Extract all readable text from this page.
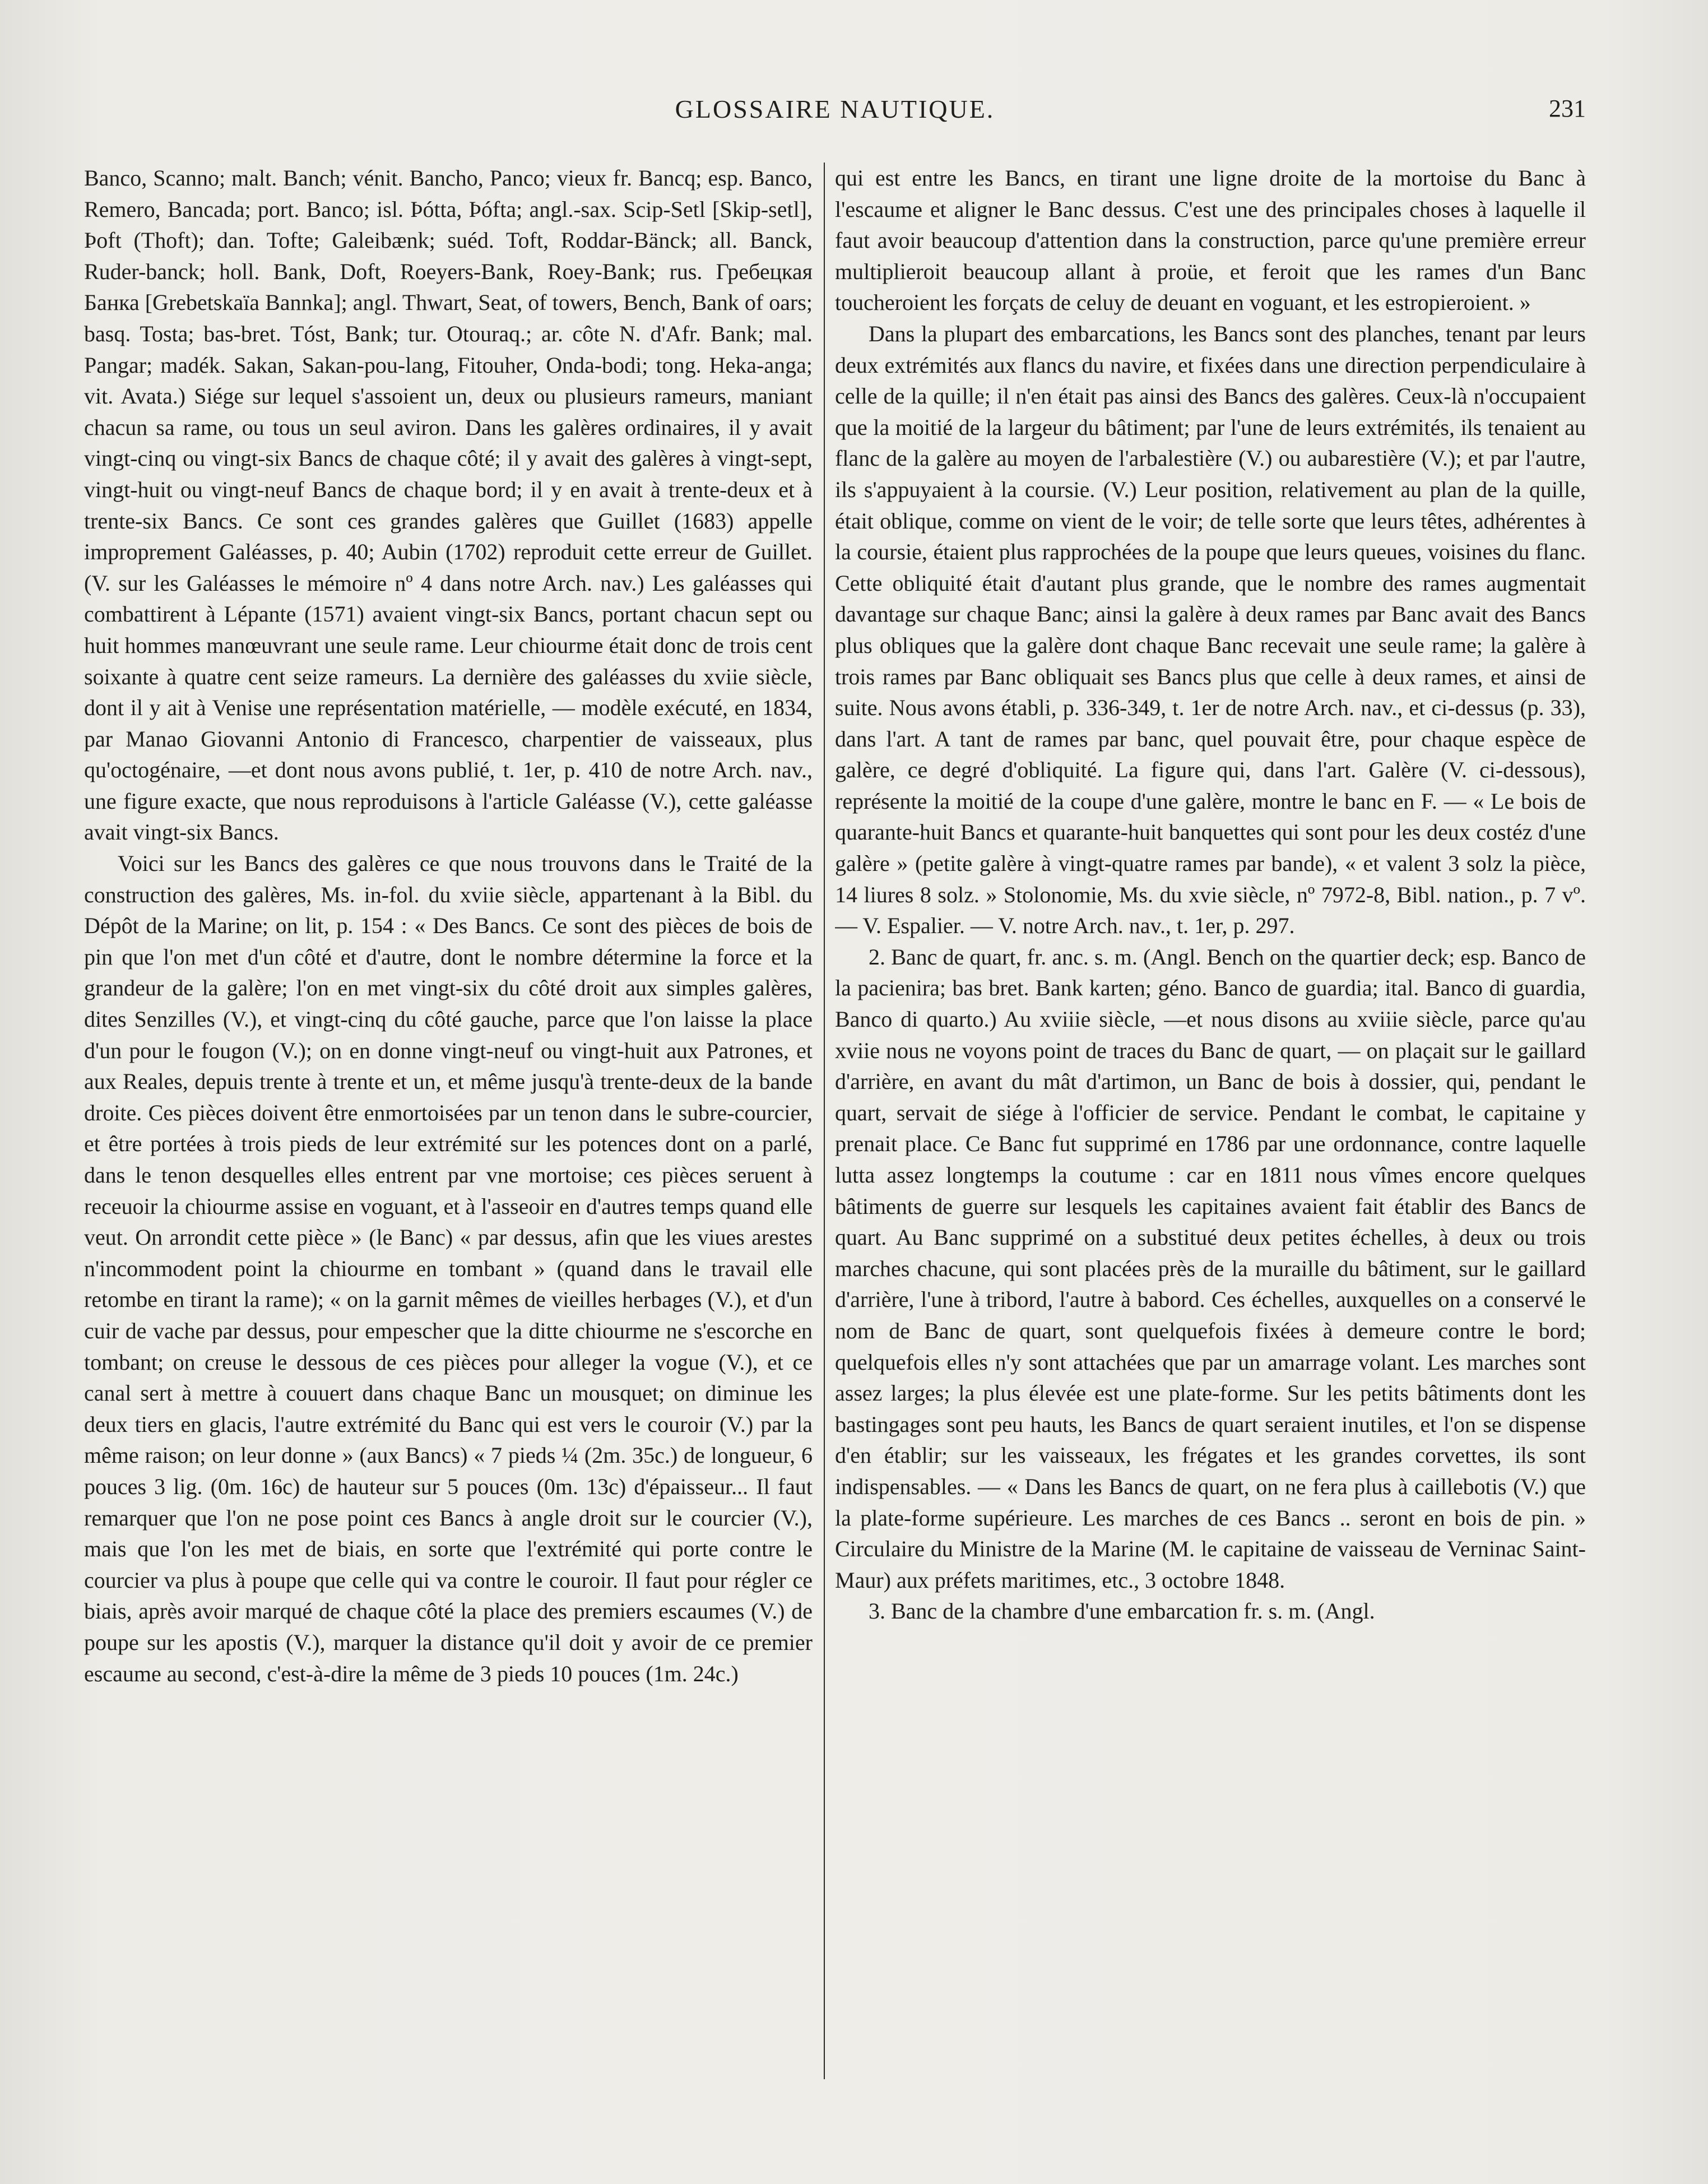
GLOSSAIRE NAUTIQUE.	231

Banco, Scanno; malt. Banch; vénit. Bancho, Panco; vieux fr. Bancq; esp. Banco, Remero, Bancada; port. Banco; isl. Þótta, Þófta; angl.-sax. Scip-Setl [Skip-setl], Þoft (Thoft); dan. Tofte; Galeibænk; suéd. Toft, Roddar-Bänck; all. Banck, Ruder-banck; holl. Bank, Doft, Roeyers-Bank, Roey-Bank; rus. Гребецкая Банка [Grebetskaïa Bannka]; angl. Thwart, Seat, of towers, Bench, Bank of oars; basq. Tosta; bas-bret. Tóst, Bank; tur. Otouraq.; ar. côte N. d'Afr. Bank; mal. Pangar; madék. Sakan, Sakan-pou-lang, Fitouher, Onda-bodi; tong. Heka-anga; vit. Avata.) Siége sur lequel s'assoient un, deux ou plusieurs rameurs, maniant chacun sa rame, ou tous un seul aviron. Dans les galères ordinaires, il y avait vingt-cinq ou vingt-six Bancs de chaque côté; il y avait des galères à vingt-sept, vingt-huit ou vingt-neuf Bancs de chaque bord; il y en avait à trente-deux et à trente-six Bancs. Ce sont ces grandes galères que Guillet (1683) appelle improprement Galéasses, p. 40; Aubin (1702) reproduit cette erreur de Guillet. (V. sur les Galéasses le mémoire nº 4 dans notre Arch. nav.) Les galéasses qui combattirent à Lépante (1571) avaient vingt-six Bancs, portant chacun sept ou huit hommes manœuvrant une seule rame. Leur chiourme était donc de trois cent soixante à quatre cent seize rameurs. La dernière des galéasses du xviie siècle, dont il y ait à Venise une représentation matérielle, — modèle exécuté, en 1834, par Manao Giovanni Antonio di Francesco, charpentier de vaisseaux, plus qu'octogénaire, —et dont nous avons publié, t. 1er, p. 410 de notre Arch. nav., une figure exacte, que nous reproduisons à l'article Galéasse (V.), cette galéasse avait vingt-six Bancs.

Voici sur les Bancs des galères ce que nous trouvons dans le Traité de la construction des galères, Ms. in-fol. du xviie siècle, appartenant à la Bibl. du Dépôt de la Marine; on lit, p. 154 : « Des Bancs. Ce sont des pièces de bois de pin que l'on met d'un côté et d'autre, dont le nombre détermine la force et la grandeur de la galère; l'on en met vingt-six du côté droit aux simples galères, dites Senzilles (V.), et vingt-cinq du côté gauche, parce que l'on laisse la place d'un pour le fougon (V.); on en donne vingt-neuf ou vingt-huit aux Patrones, et aux Reales, depuis trente à trente et un, et même jusqu'à trente-deux de la bande droite. Ces pièces doivent être enmortoisées par un tenon dans le subre-courcier, et être portées à trois pieds de leur extrémité sur les potences dont on a parlé, dans le tenon desquelles elles entrent par vne mortoise; ces pièces seruent à receuoir la chiourme assise en voguant, et à l'asseoir en d'autres temps quand elle veut. On arrondit cette pièce » (le Banc) « par dessus, afin que les viues arestes n'incommodent point la chiourme en tombant » (quand dans le travail elle retombe en tirant la rame); « on la garnit mêmes de vieilles herbages (V.), et d'un cuir de vache par dessus, pour empescher que la ditte chiourme ne s'escorche en tombant; on creuse le dessous de ces pièces pour alleger la vogue (V.), et ce canal sert à mettre à couuert dans chaque Banc un mousquet; on diminue les deux tiers en glacis, l'autre extrémité du Banc qui est vers le couroir (V.) par la même raison; on leur donne » (aux Bancs) « 7 pieds ¼ (2m. 35c.) de longueur, 6 pouces 3 lig. (0m. 16c) de hauteur sur 5 pouces (0m. 13c) d'épaisseur... Il faut remarquer que l'on ne pose point ces Bancs à angle droit sur le courcier (V.), mais que l'on les met de biais, en sorte que l'extrémité qui porte contre le courcier va plus à poupe que celle qui va contre le couroir. Il faut pour régler ce biais, après avoir marqué de chaque côté la place des premiers escaumes (V.) de poupe sur les apostis (V.), marquer la distance qu'il doit y avoir de ce premier escaume au second, c'est-à-dire la même de 3 pieds 10 pouces (1m. 24c.)

qui est entre les Bancs, en tirant une ligne droite de la mortoise du Banc à l'escaume et aligner le Banc dessus. C'est une des principales choses à laquelle il faut avoir beaucoup d'attention dans la construction, parce qu'une première erreur multiplieroit beaucoup allant à proüe, et feroit que les rames d'un Banc toucheroient les forçats de celuy de deuant en voguant, et les estropieroient. »

Dans la plupart des embarcations, les Bancs sont des planches, tenant par leurs deux extrémités aux flancs du navire, et fixées dans une direction perpendiculaire à celle de la quille; il n'en était pas ainsi des Bancs des galères. Ceux-là n'occupaient que la moitié de la largeur du bâtiment; par l'une de leurs extrémités, ils tenaient au flanc de la galère au moyen de l'arbalestière (V.) ou aubarestière (V.); et par l'autre, ils s'appuyaient à la coursie. (V.) Leur position, relativement au plan de la quille, était oblique, comme on vient de le voir; de telle sorte que leurs têtes, adhérentes à la coursie, étaient plus rapprochées de la poupe que leurs queues, voisines du flanc. Cette obliquité était d'autant plus grande, que le nombre des rames augmentait davantage sur chaque Banc; ainsi la galère à deux rames par Banc avait des Bancs plus obliques que la galère dont chaque Banc recevait une seule rame; la galère à trois rames par Banc obliquait ses Bancs plus que celle à deux rames, et ainsi de suite. Nous avons établi, p. 336-349, t. 1er de notre Arch. nav., et ci-dessus (p. 33), dans l'art. A tant de rames par banc, quel pouvait être, pour chaque espèce de galère, ce degré d'obliquité. La figure qui, dans l'art. Galère (V. ci-dessous), représente la moitié de la coupe d'une galère, montre le banc en F. — « Le bois de quarante-huit Bancs et quarante-huit banquettes qui sont pour les deux costéz d'une galère » (petite galère à vingt-quatre rames par bande), « et valent 3 solz la pièce, 14 liures 8 solz. » Stolonomie, Ms. du xvie siècle, nº 7972-8, Bibl. nation., p. 7 vº. — V. Espalier. — V. notre Arch. nav., t. 1er, p. 297.

2. Banc de quart, fr. anc. s. m. (Angl. Bench on the quartier deck; esp. Banco de la pacienira; bas bret. Bank karten; géno. Banco de guardia; ital. Banco di guardia, Banco di quarto.) Au xviiie siècle, —et nous disons au xviiie siècle, parce qu'au xviie nous ne voyons point de traces du Banc de quart, — on plaçait sur le gaillard d'arrière, en avant du mât d'artimon, un Banc de bois à dossier, qui, pendant le quart, servait de siége à l'officier de service. Pendant le combat, le capitaine y prenait place. Ce Banc fut supprimé en 1786 par une ordonnance, contre laquelle lutta assez longtemps la coutume : car en 1811 nous vîmes encore quelques bâtiments de guerre sur lesquels les capitaines avaient fait établir des Bancs de quart. Au Banc supprimé on a substitué deux petites échelles, à deux ou trois marches chacune, qui sont placées près de la muraille du bâtiment, sur le gaillard d'arrière, l'une à tribord, l'autre à babord. Ces échelles, auxquelles on a conservé le nom de Banc de quart, sont quelquefois fixées à demeure contre le bord; quelquefois elles n'y sont attachées que par un amarrage volant. Les marches sont assez larges; la plus élevée est une plate-forme. Sur les petits bâtiments dont les bastingages sont peu hauts, les Bancs de quart seraient inutiles, et l'on se dispense d'en établir; sur les vaisseaux, les frégates et les grandes corvettes, ils sont indispensables. — « Dans les Bancs de quart, on ne fera plus à caillebotis (V.) que la plate-forme supérieure. Les marches de ces Bancs .. seront en bois de pin. » Circulaire du Ministre de la Marine (M. le capitaine de vaisseau de Verninac Saint-Maur) aux préfets maritimes, etc., 3 octobre 1848.

3. Banc de la chambre d'une embarcation fr. s. m. (Angl.
